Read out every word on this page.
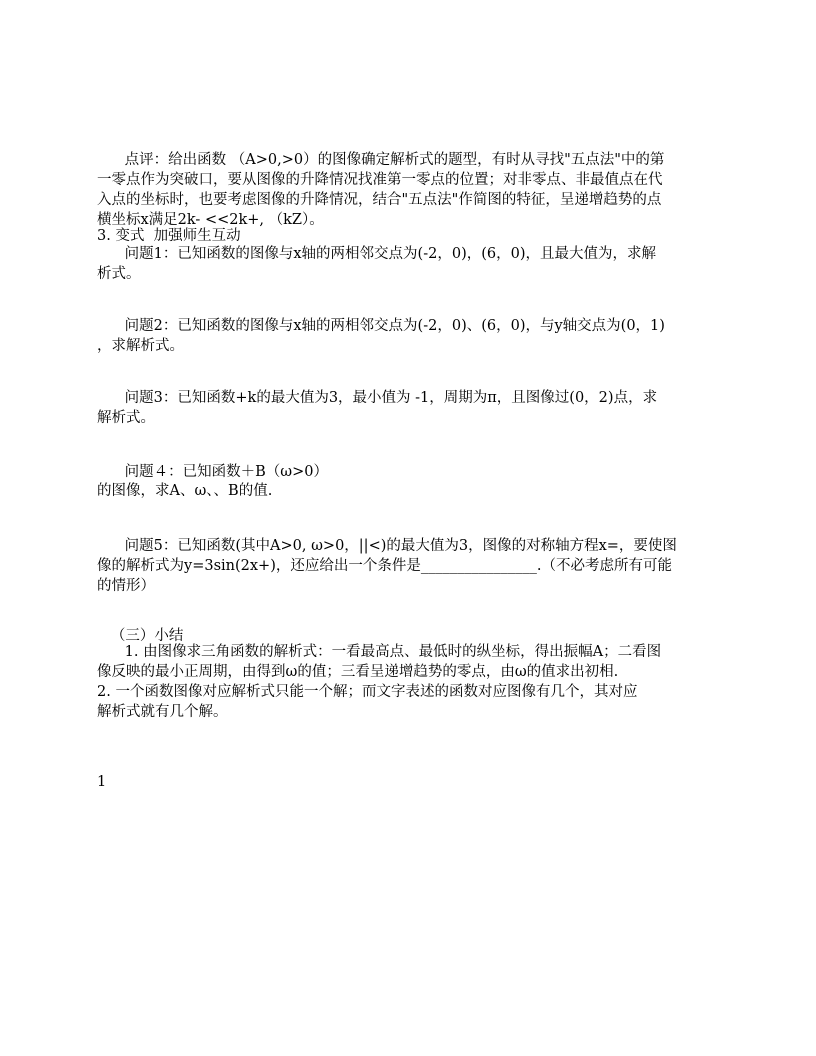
点评：给出函数 （A>0,>0）的图像确定解析式的题型，有时从寻找"五点法"中的第
一零点作为突破口，要从图像的升降情况找准第一零点的位置；对非零点、非最值点在代
入点的坐标时，也要考虑图像的升降情况，结合"五点法"作简图的特征，呈递增趋势的点
横坐标x满足2k- <<2k+, （kZ）。
3. 变式  加强师生互动
问题1：已知函数的图像与x轴的两相邻交点为(-2，0)，(6，0)，且最大值为，求解
析式。
问题2：已知函数的图像与x轴的两相邻交点为(-2，0)、(6，0)，与y轴交点为(0，1)
，求解析式。
问题3：已知函数+k的最大值为3，最小值为 -1，周期为π，且图像过(0，2)点，求
解析式。
问题４：已知函数＋B（ω>0）
的图像，求A、ω、、B的值.
问题5：已知函数(其中A>0, ω>0，||<)的最大值为3，图像的对称轴方程x=，要使图
像的解析式为y=3sin(2x+)，还应给出一个条件是________________.（不必考虑所有可能
的情形）
（三）小结
1. 由图像求三角函数的解析式：一看最高点、最低时的纵坐标，得出振幅A；二看图
像反映的最小正周期，由得到ω的值；三看呈递增趋势的零点，由ω的值求出初相.
2. 一个函数图像对应解析式只能一个解；而文字表述的函数对应图像有几个，其对应
解析式就有几个解。
1
